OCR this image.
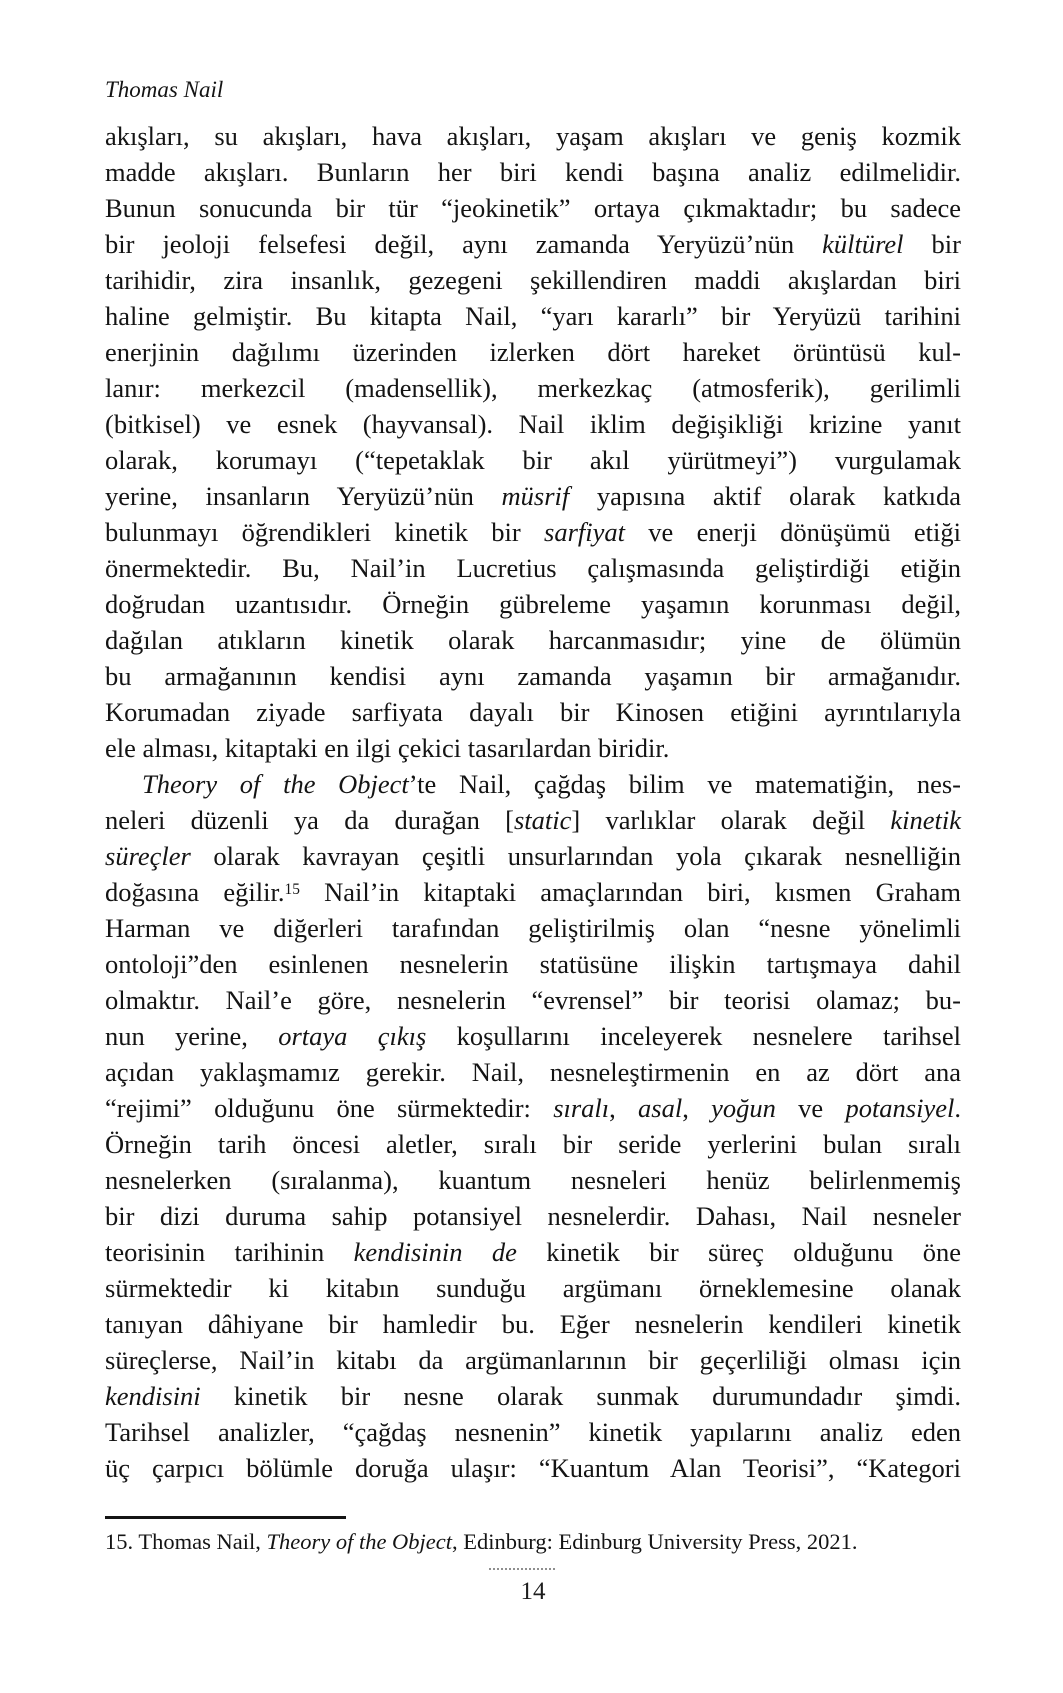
Thomas Nail
akışları, su akışları, hava akışları, yaşam akışları ve geniş kozmik
madde akışları. Bunların her biri kendi başına analiz edilmelidir.
Bunun sonucunda bir tür “jeokinetik” ortaya çıkmaktadır; bu sadece
bir jeoloji felsefesi değil, aynı zamanda Yeryüzü’nün kültürel bir
tarihidir, zira insanlık, gezegeni şekillendiren maddi akışlardan biri
haline gelmiştir. Bu kitapta Nail, “yarı kararlı” bir Yeryüzü tarihini
enerjinin dağılımı üzerinden izlerken dört hareket örüntüsü kul-
lanır: merkezcil (madensellik), merkezkaç (atmosferik), gerilimli
(bitkisel) ve esnek (hayvansal). Nail iklim değişikliği krizine yanıt
olarak, korumayı (“tepetaklak bir akıl yürütmeyi”) vurgulamak
yerine, insanların Yeryüzü’nün müsrif yapısına aktif olarak katkıda
bulunmayı öğrendikleri kinetik bir sarfiyat ve enerji dönüşümü etiği
önermektedir. Bu, Nail’in Lucretius çalışmasında geliştirdiği etiğin
doğrudan uzantısıdır. Örneğin gübreleme yaşamın korunması değil,
dağılan atıkların kinetik olarak harcanmasıdır; yine de ölümün
bu armağanının kendisi aynı zamanda yaşamın bir armağanıdır.
Korumadan ziyade sarfiyata dayalı bir Kinosen etiğini ayrıntılarıyla
ele alması, kitaptaki en ilgi çekici tasarılardan biridir.
Theory of the Object’te Nail, çağdaş bilim ve matematiğin, nes-
neleri düzenli ya da durağan [static] varlıklar olarak değil kinetik
süreçler olarak kavrayan çeşitli unsurlarından yola çıkarak nesnelliğin
doğasına eğilir.$^{15}$ Nail’in kitaptaki amaçlarından biri, kısmen Graham
Harman ve diğerleri tarafından geliştirilmiş olan “nesne yönelimli
ontoloji”den esinlenen nesnelerin statüsüne ilişkin tartışmaya dahil
olmaktır. Nail’e göre, nesnelerin “evrensel” bir teorisi olamaz; bu-
nun yerine, ortaya çıkış koşullarını inceleyerek nesnelere tarihsel
açıdan yaklaşmamız gerekir. Nail, nesneleştirmenin en az dört ana
“rejimi” olduğunu öne sürmektedir: sıralı, asal, yoğun ve potansiyel.
Örneğin tarih öncesi aletler, sıralı bir seride yerlerini bulan sıralı
nesnelerken (sıralanma), kuantum nesneleri henüz belirlenmemiş
bir dizi duruma sahip potansiyel nesnelerdir. Dahası, Nail nesneler
teorisinin tarihinin kendisinin de kinetik bir süreç olduğunu öne
sürmektedir ki kitabın sunduğu argümanı örneklemesine olanak
tanıyan dâhiyane bir hamledir bu. Eğer nesnelerin kendileri kinetik
süreçlerse, Nail’in kitabı da argümanlarının bir geçerliliği olması için
kendisini kinetik bir nesne olarak sunmak durumundadır şimdi.
Tarihsel analizler, “çağdaş nesnenin” kinetik yapılarını analiz eden
üç çarpıcı bölümle doruğa ulaşır: “Kuantum Alan Teorisi”, “Kategori
15. Thomas Nail, Theory of the Object, Edinburg: Edinburg University Press, 2021.
14
